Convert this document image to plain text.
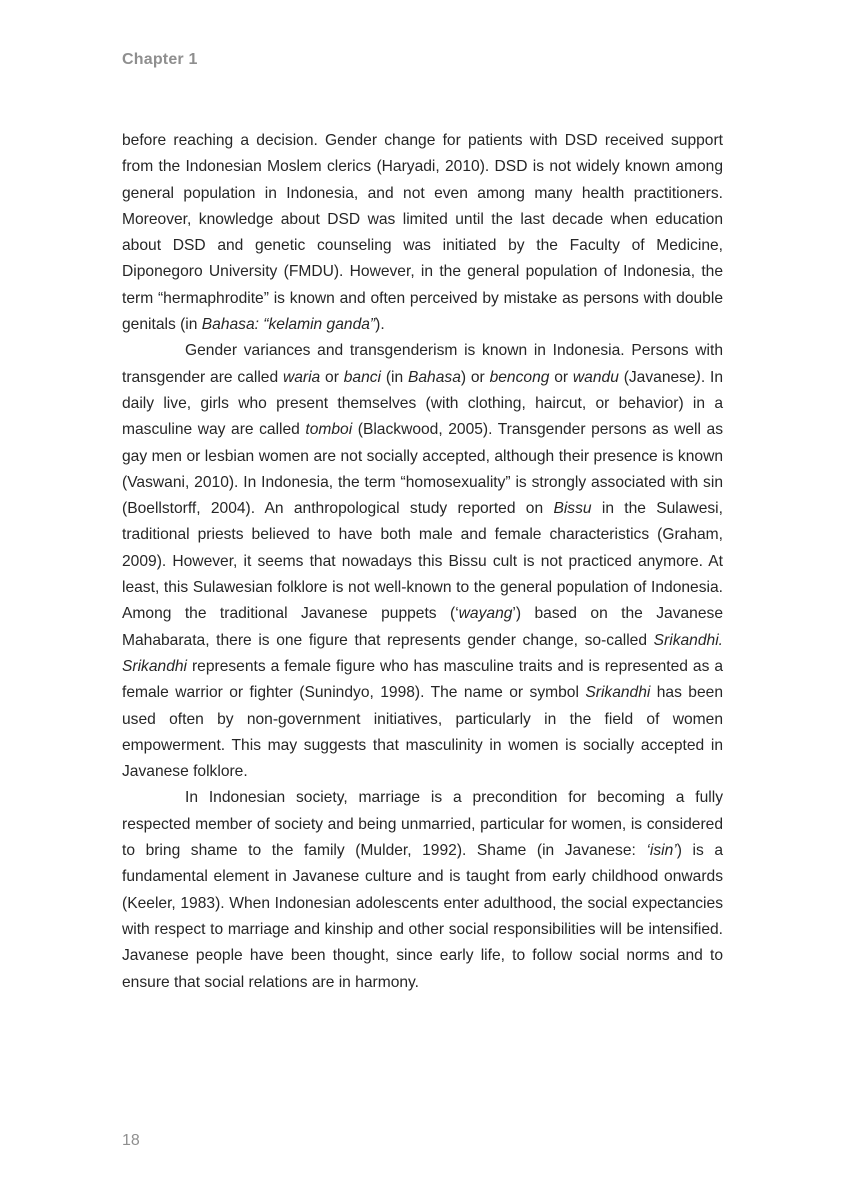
Chapter 1

before reaching a decision. Gender change for patients with DSD received support from the Indonesian Moslem clerics (Haryadi, 2010). DSD is not widely known among general population in Indonesia, and not even among many health practitioners. Moreover, knowledge about DSD was limited until the last decade when education about DSD and genetic counseling was initiated by the Faculty of Medicine, Diponegoro University (FMDU). However, in the general population of Indonesia, the term “hermaphrodite” is known and often perceived by mistake as persons with double genitals (in Bahasa: “kelamin ganda”).

Gender variances and transgenderism is known in Indonesia. Persons with transgender are called waria or banci (in Bahasa) or bencong or wandu (Javanese). In daily live, girls who present themselves (with clothing, haircut, or behavior) in a masculine way are called tomboi (Blackwood, 2005). Transgender persons as well as gay men or lesbian women are not socially accepted, although their presence is known (Vaswani, 2010). In Indonesia, the term “homosexuality” is strongly associated with sin (Boellstorff, 2004). An anthropological study reported on Bissu in the Sulawesi, traditional priests believed to have both male and female characteristics (Graham, 2009). However, it seems that nowadays this Bissu cult is not practiced anymore. At least, this Sulawesian folklore is not well-known to the general population of Indonesia. Among the traditional Javanese puppets (‘wayang’) based on the Javanese Mahabarata, there is one figure that represents gender change, so-called Srikandhi. Srikandhi represents a female figure who has masculine traits and is represented as a female warrior or fighter (Sunindyo, 1998). The name or symbol Srikandhi has been used often by non-government initiatives, particularly in the field of women empowerment. This may suggests that masculinity in women is socially accepted in Javanese folklore.

In Indonesian society, marriage is a precondition for becoming a fully respected member of society and being unmarried, particular for women, is considered to bring shame to the family (Mulder, 1992). Shame (in Javanese: ‘isin’) is a fundamental element in Javanese culture and is taught from early childhood onwards (Keeler, 1983). When Indonesian adolescents enter adulthood, the social expectancies with respect to marriage and kinship and other social responsibilities will be intensified. Javanese people have been thought, since early life, to follow social norms and to ensure that social relations are in harmony.

18
